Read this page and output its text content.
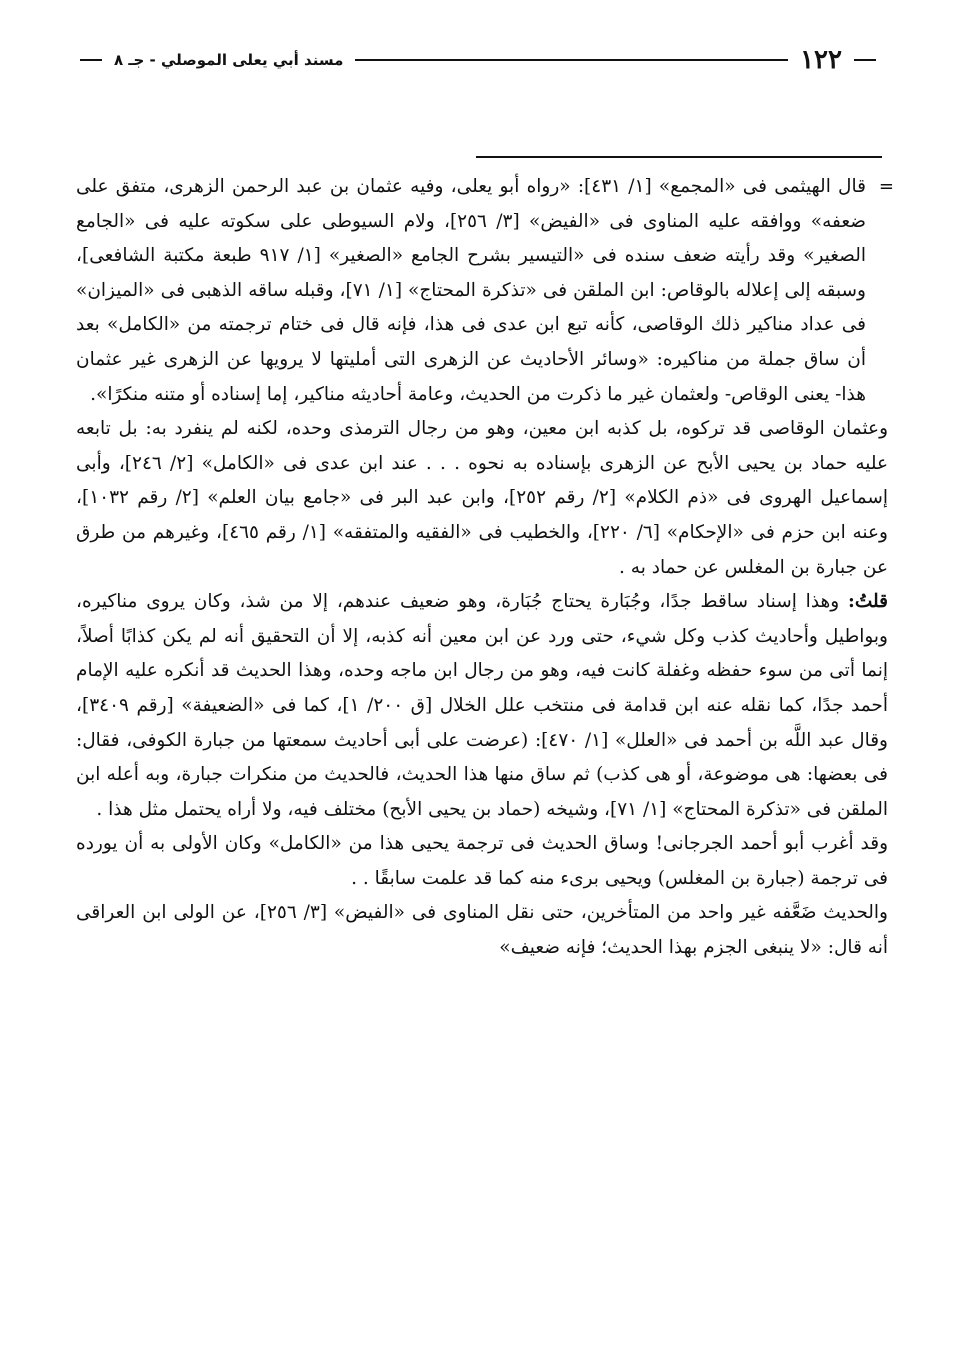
١٢٢
مسند أبي يعلى الموصلي - جـ ٨

=
قال الهيثمى فى «المجمع» [١/ ٤٣١]: «رواه أبو يعلى، وفيه عثمان بن عبد الرحمن الزهرى، متفق على ضعفه» ووافقه عليه المناوى فى «الفيض» [٣/ ٢٥٦]، ولام السيوطى على سكوته عليه فى «الجامع الصغير» وقد رأيته ضعف سنده فى «التيسير بشرح الجامع «الصغير» [١/ ٩١٧ طبعة مكتبة الشافعى]، وسبقه إلى إعلاله بالوقاص: ابن الملقن فى «تذكرة المحتاج» [١/ ٧١]، وقبله ساقه الذهبى فى «الميزان» فى عداد مناكير ذلك الوقاصى، كأنه تبع ابن عدى فى هذا، فإنه قال فى ختام ترجمته من «الكامل» بعد أن ساق جملة من مناكيره: «وسائر الأحاديث عن الزهرى التى أمليتها لا يرويها عن الزهرى غير عثمان هذا- يعنى الوقاص- ولعثمان غير ما ذكرت من الحديث، وعامة أحاديثه مناكير، إما إسناده أو متنه منكرًا».

وعثمان الوقاصى قد تركوه، بل كذبه ابن معين، وهو من رجال الترمذى وحده، لكنه لم ينفرد به: بل تابعه عليه حماد بن يحيى الأبح عن الزهرى بإسناده به نحوه . . . عند ابن عدى فى «الكامل» [٢/ ٢٤٦]، وأبى إسماعيل الهروى فى «ذم الكلام» [٢/ رقم ٢٥٢]، وابن عبد البر فى «جامع بيان العلم» [٢/ رقم ١٠٣٢]، وعنه ابن حزم فى «الإحكام» [٦/ ٢٢٠]، والخطيب فى «الفقيه والمتفقه» [١/ رقم ٤٦٥]، وغيرهم من طرق عن جبارة بن المغلس عن حماد به .

قلتُ: وهذا إسناد ساقط جدًا، وجُبَارة يحتاج جُبَارة، وهو ضعيف عندهم، إلا من شذ، وكان يروى مناكيره، وبواطيل وأحاديث كذب وكل شيء، حتى ورد عن ابن معين أنه كذبه، إلا أن التحقيق أنه لم يكن كذابًا أصلاً، إنما أتى من سوء حفظه وغفلة كانت فيه، وهو من رجال ابن ماجه وحده، وهذا الحديث قد أنكره عليه الإمام أحمد جدًا، كما نقله عنه ابن قدامة فى منتخب علل الخلال [ق ٢٠٠/ ١]، كما فى «الضعيفة» [رقم ٣٤٠٩]، وقال عبد اللَّه بن أحمد فى «العلل» [١/ ٤٧٠]: (عرضت على أبى أحاديث سمعتها من جبارة الكوفى، فقال: فى بعضها: هى موضوعة، أو هى كذب) ثم ساق منها هذا الحديث، فالحديث من منكرات جبارة، وبه أعله ابن الملقن فى «تذكرة المحتاج» [١/ ٧١]، وشيخه (حماد بن يحيى الأبح) مختلف فيه، ولا أراه يحتمل مثل هذا .

وقد أغرب أبو أحمد الجرجانى! وساق الحديث فى ترجمة يحيى هذا من «الكامل» وكان الأولى به أن يورده فى ترجمة (جبارة بن المغلس) ويحيى برىء منه كما قد علمت سابقًا . .

والحديث ضَعَّفه غير واحد من المتأخرين، حتى نقل المناوى فى «الفيض» [٣/ ٢٥٦]، عن الولى ابن العراقى أنه قال: «لا ينبغى الجزم بهذا الحديث؛ فإنه ضعيف»
